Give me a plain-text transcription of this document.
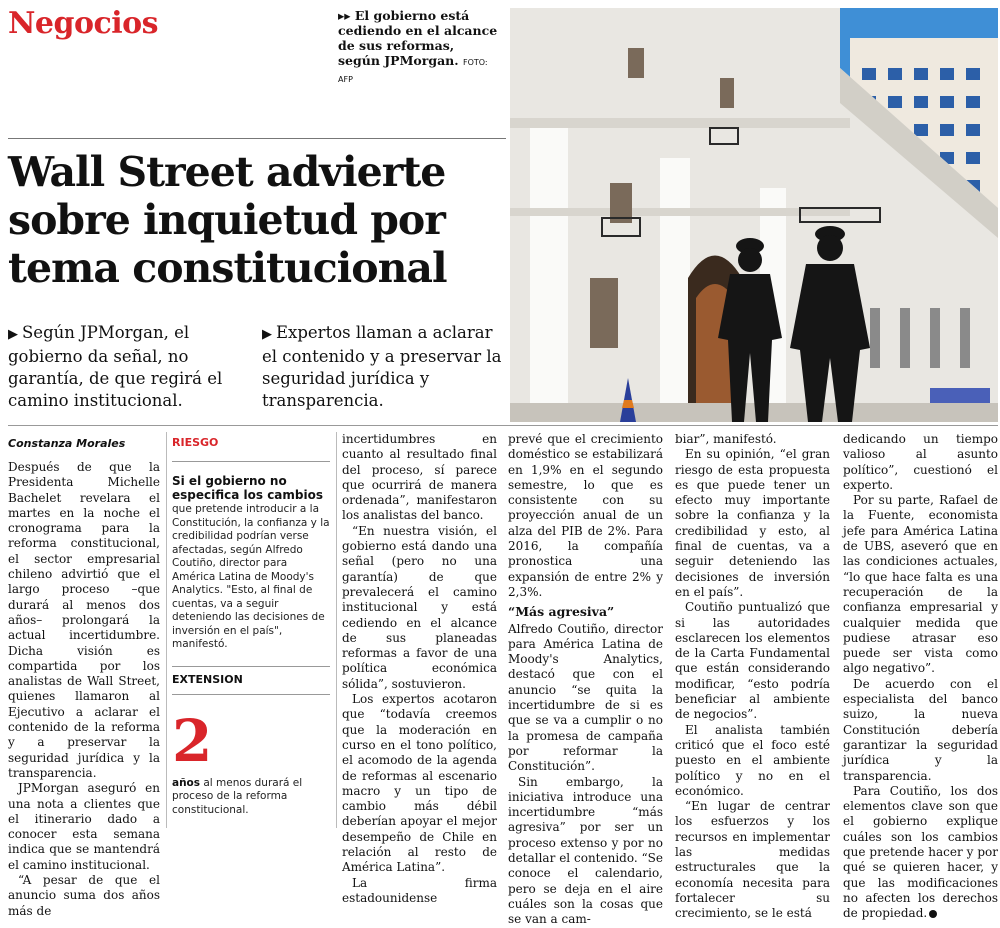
Negocios	▸▸ El gobierno está cediendo en el alcance de sus reformas, según JPMorgan. FOTO: AFP
Wall Street advierte sobre inquietud por tema constitucional
▶ Según JPMorgan, el gobierno da señal, no garantía, de que regirá el camino institucional.
▶ Expertos llaman a aclarar el contenido y a preservar la seguridad jurídica y transparencia.
Constanza Morales

Después de que la Presidenta Michelle Bachelet revelara el martes en la noche el cronograma para la reforma constitucional, el sector empresarial chileno advirtió que el largo proceso –que durará al menos dos años– prolongará la actual incertidumbre. Dicha visión es compartida por los analistas de Wall Street, quienes llamaron al Ejecutivo a aclarar el contenido de la reforma y a preservar la seguridad jurídica y la transparencia.

JPMorgan aseguró en una nota a clientes que el itinerario dado a conocer esta semana indica que se mantendrá el camino institucional.

“A pesar de que el anuncio suma dos años más de

RIESGO
Si el gobierno no especifica los cambios
que pretende introducir a la Constitución, la confianza y la credibilidad podrían verse afectadas, según Alfredo Coutiño, director para América Latina de Moody's Analytics. "Esto, al final de cuentas, va a seguir deteniendo las decisiones de inversión en el país", manifestó.
EXTENSION
2
años al menos durará el proceso de la reforma constitucional.

incertidumbres en cuanto al resultado final del proceso, sí parece que ocurrirá de manera ordenada”, manifestaron los analistas del banco.

“En nuestra visión, el gobierno está dando una señal (pero no una garantía) de que prevalecerá el camino institucional y está cediendo en el alcance de sus planeadas reformas a favor de una política económica sólida”, sostuvieron.

Los expertos acotaron que “todavía creemos que la moderación en curso en el tono político, el acomodo de la agenda de reformas al escenario macro y un tipo de cambio más débil deberían apoyar el mejor desempeño de Chile en relación al resto de América Latina”.

La firma estadounidense

prevé que el crecimiento doméstico se estabilizará en 1,9% en el segundo semestre, lo que es consistente con su proyección anual de un alza del PIB de 2%. Para 2016, la compañía pronostica una expansión de entre 2% y 2,3%.

“Más agresiva”

Alfredo Coutiño, director para América Latina de Moody's Analytics, destacó que con el anuncio “se quita la incertidumbre de si es que se va a cumplir o no la promesa de campaña por reformar la Constitución”.

Sin embargo, la iniciativa introduce una incertidumbre “más agresiva” por ser un proceso extenso y por no detallar el contenido. “Se conoce el calendario, pero se deja en el aire cuáles son la cosas que se van a cam-

biar”, manifestó.

En su opinión, “el gran riesgo de esta propuesta es que puede tener un efecto muy importante sobre la confianza y la credibilidad y esto, al final de cuentas, va a seguir deteniendo las decisiones de inversión en el país”.

Coutiño puntualizó que si las autoridades esclarecen los elementos de la Carta Fundamental que están considerando modificar, “esto podría beneficiar al ambiente de negocios”.

El analista también criticó que el foco esté puesto en el ambiente político y no en el económico.

“En lugar de centrar los esfuerzos y los recursos en implementar las medidas estructurales que la economía necesita para fortalecer su crecimiento, se le está

dedicando un tiempo valioso al asunto político”, cuestionó el experto.

Por su parte, Rafael de la Fuente, economista jefe para América Latina de UBS, aseveró que en las condiciones actuales, “lo que hace falta es una recuperación de la confianza empresarial y cualquier medida que pudiese atrasar eso puede ser vista como algo negativo”.

De acuerdo con el especialista del banco suizo, la nueva Constitución debería garantizar la seguridad jurídica y la transparencia.

Para Coutiño, los dos elementos clave son que el gobierno explique cuáles son los cambios que pretende hacer y por qué se quieren hacer, y que las modificaciones no afecten los derechos de propiedad.
